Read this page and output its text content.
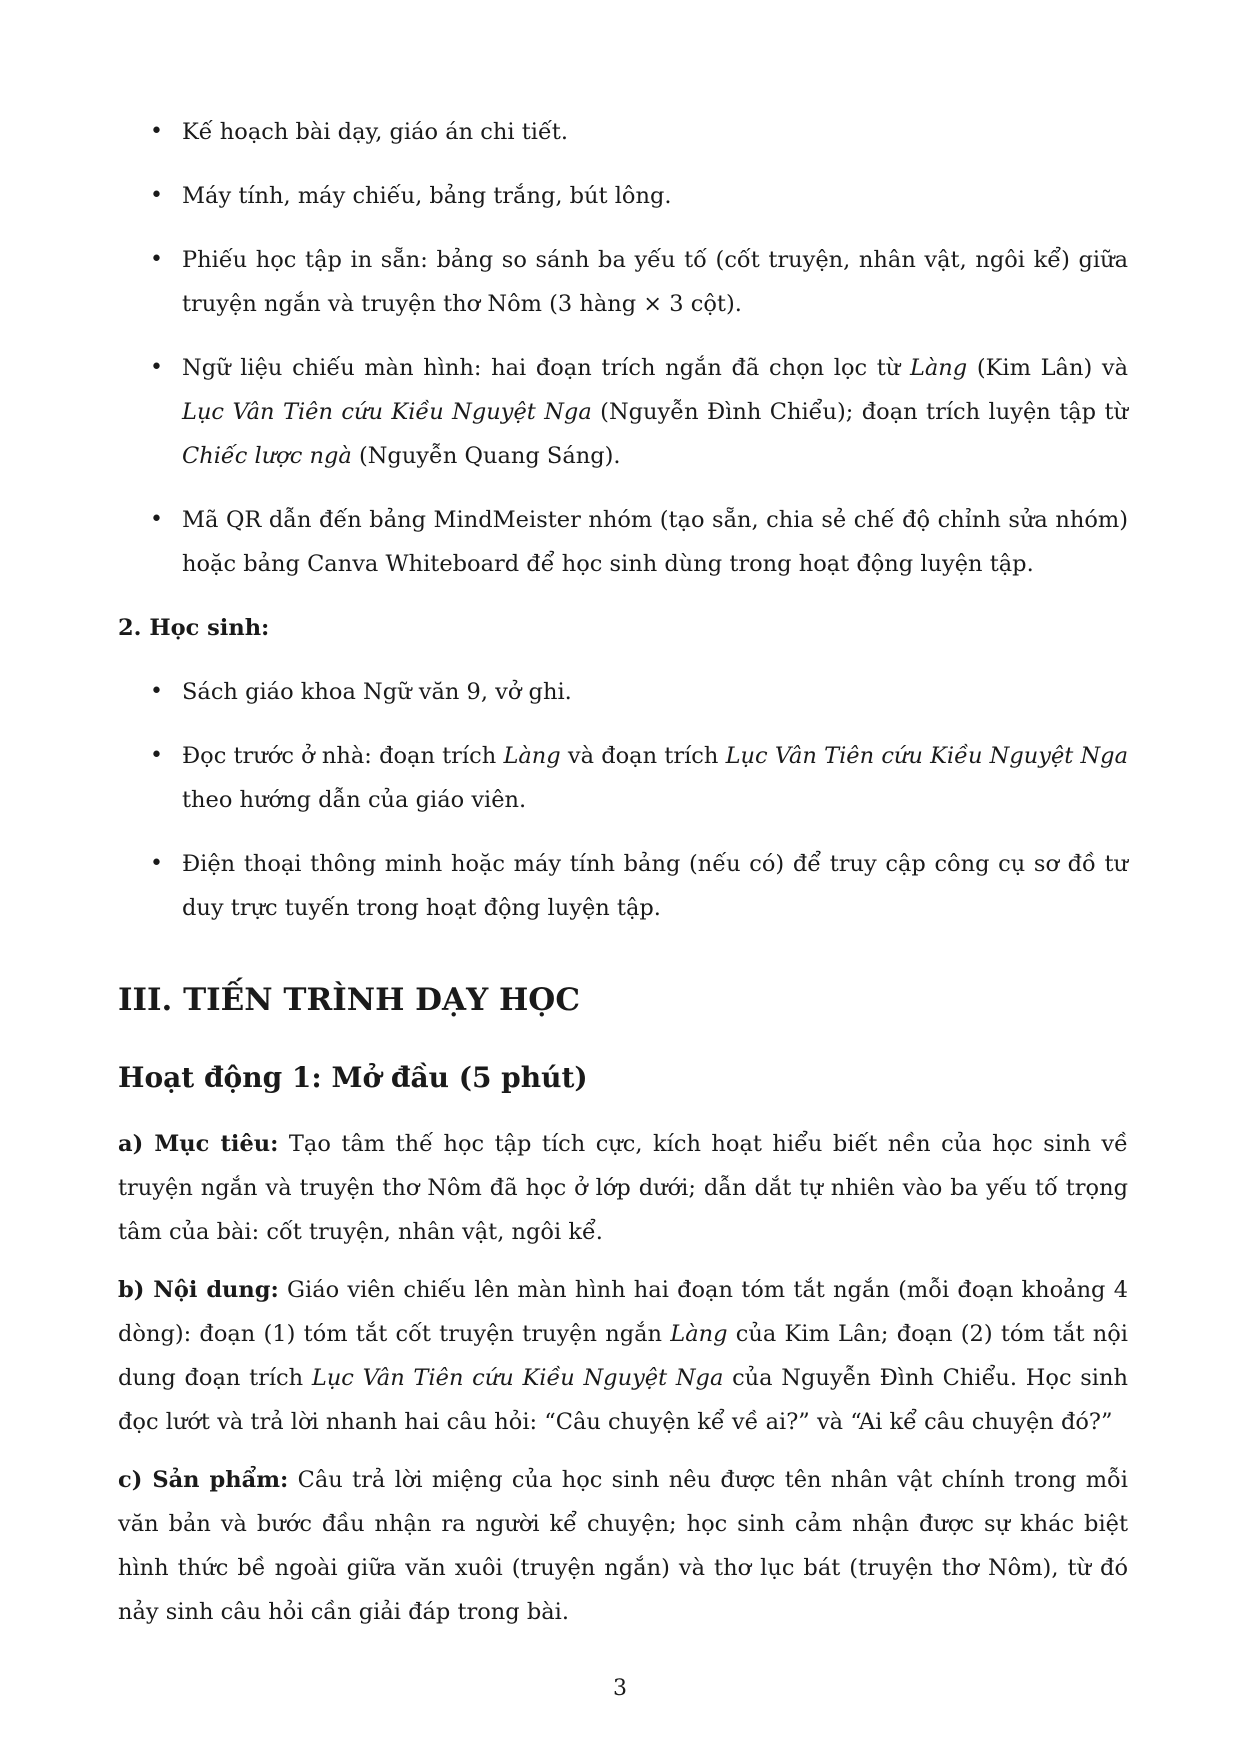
• Kế hoạch bài dạy, giáo án chi tiết.
• Máy tính, máy chiếu, bảng trắng, bút lông.
• Phiếu học tập in sẵn: bảng so sánh ba yếu tố (cốt truyện, nhân vật, ngôi kể) giữa truyện ngắn và truyện thơ Nôm (3 hàng × 3 cột).
• Ngữ liệu chiếu màn hình: hai đoạn trích ngắn đã chọn lọc từ Làng (Kim Lân) và Lục Vân Tiên cứu Kiều Nguyệt Nga (Nguyễn Đình Chiểu); đoạn trích luyện tập từ Chiếc lược ngà (Nguyễn Quang Sáng).
• Mã QR dẫn đến bảng MindMeister nhóm (tạo sẵn, chia sẻ chế độ chỉnh sửa nhóm) hoặc bảng Canva Whiteboard để học sinh dùng trong hoạt động luyện tập.
2. Học sinh:
• Sách giáo khoa Ngữ văn 9, vở ghi.
• Đọc trước ở nhà: đoạn trích Làng và đoạn trích Lục Vân Tiên cứu Kiều Nguyệt Nga theo hướng dẫn của giáo viên.
• Điện thoại thông minh hoặc máy tính bảng (nếu có) để truy cập công cụ sơ đồ tư duy trực tuyến trong hoạt động luyện tập.
III. TIẾN TRÌNH DẠY HỌC
Hoạt động 1: Mở đầu (5 phút)

a) Mục tiêu: Tạo tâm thế học tập tích cực, kích hoạt hiểu biết nền của học sinh về truyện ngắn và truyện thơ Nôm đã học ở lớp dưới; dẫn dắt tự nhiên vào ba yếu tố trọng tâm của bài: cốt truyện, nhân vật, ngôi kể.

b) Nội dung: Giáo viên chiếu lên màn hình hai đoạn tóm tắt ngắn (mỗi đoạn khoảng 4 dòng): đoạn (1) tóm tắt cốt truyện truyện ngắn Làng của Kim Lân; đoạn (2) tóm tắt nội dung đoạn trích Lục Vân Tiên cứu Kiều Nguyệt Nga của Nguyễn Đình Chiểu. Học sinh đọc lướt và trả lời nhanh hai câu hỏi: “Câu chuyện kể về ai?” và “Ai kể câu chuyện đó?”

c) Sản phẩm: Câu trả lời miệng của học sinh nêu được tên nhân vật chính trong mỗi văn bản và bước đầu nhận ra người kể chuyện; học sinh cảm nhận được sự khác biệt hình thức bề ngoài giữa văn xuôi (truyện ngắn) và thơ lục bát (truyện thơ Nôm), từ đó nảy sinh câu hỏi cần giải đáp trong bài.

3
